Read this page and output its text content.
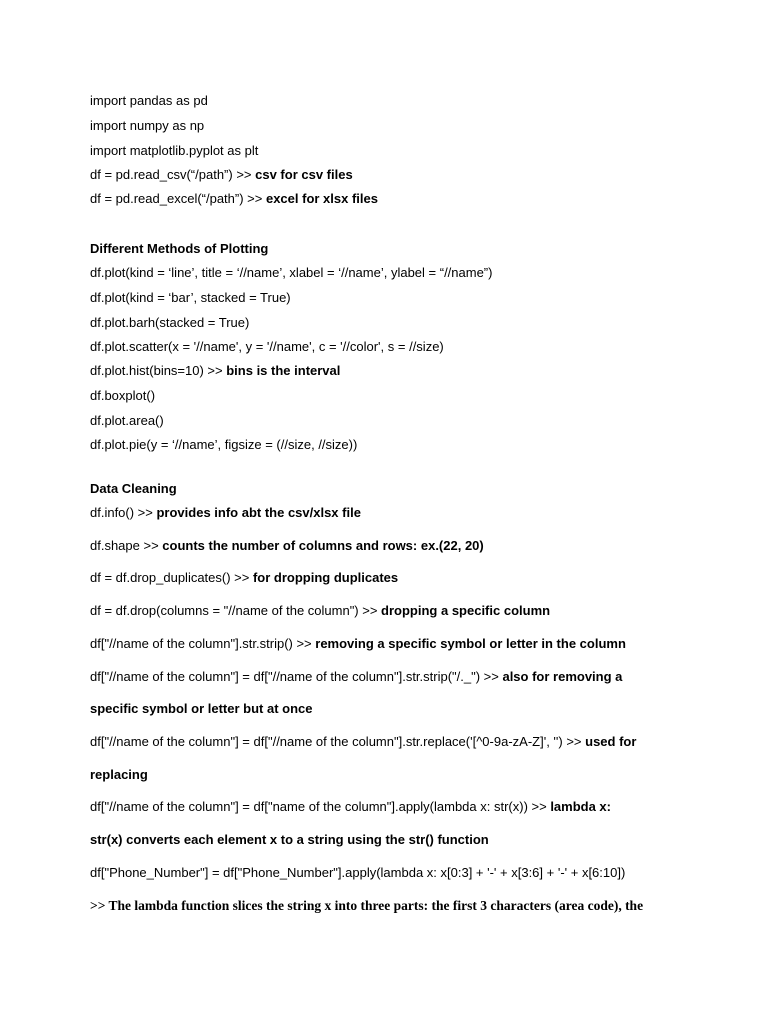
import pandas as pd
import numpy as np
import matplotlib.pyplot as plt
df = pd.read_csv(“/path”) >> csv for csv files
df = pd.read_excel(“/path”) >> excel for xlsx files
Different Methods of Plotting
df.plot(kind = ‘line’, title = ‘//name’, xlabel = ‘//name’, ylabel = “//name”)
df.plot(kind = ‘bar’, stacked = True)
df.plot.barh(stacked = True)
df.plot.scatter(x = '//name', y = '//name', c = '//color', s = //size)
df.plot.hist(bins=10) >> bins is the interval
df.boxplot()
df.plot.area()
df.plot.pie(y = ‘//name’, figsize = (//size, //size))
Data Cleaning
df.info() >> provides info abt the csv/xlsx file
df.shape >> counts the number of columns and rows: ex.(22, 20)
df = df.drop_duplicates() >> for dropping duplicates
df = df.drop(columns = "//name of the column") >> dropping a specific column
df["//name of the column"].str.strip() >> removing a specific symbol or letter in the column
df["//name of the column"] = df["//name of the column"].str.strip("/._") >> also for removing a
specific symbol or letter but at once
df["//name of the column"] = df["//name of the column"].str.replace('[^0-9a-zA-Z]', '') >> used for
replacing
df["//name of the column"] = df["name of the column"].apply(lambda x: str(x)) >> lambda x:
str(x) converts each element x to a string using the str() function
df["Phone_Number"] = df["Phone_Number"].apply(lambda x: x[0:3] + '-' + x[3:6] + '-' + x[6:10])
>> The lambda function slices the string x into three parts: the first 3 characters (area code), the
